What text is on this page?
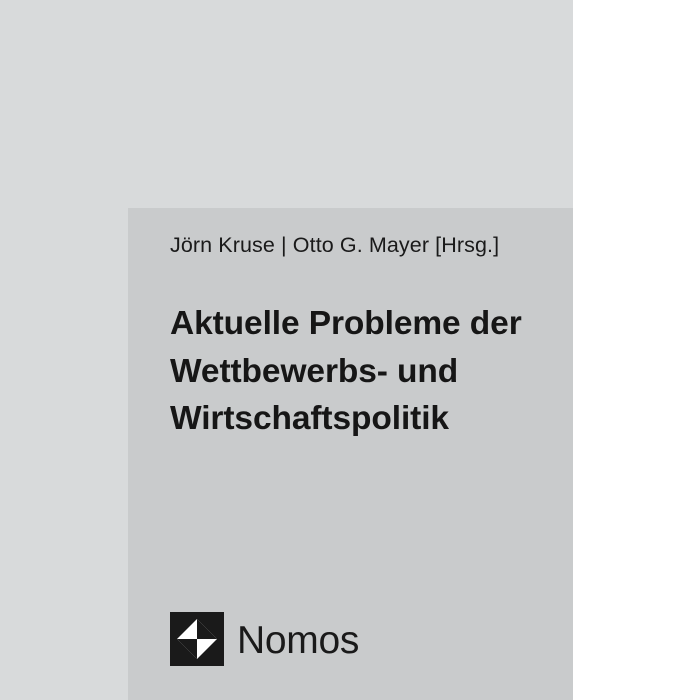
Jörn Kruse | Otto G. Mayer [Hrsg.]
Aktuelle Probleme der Wettbewerbs- und Wirtschaftspolitik
Nomos
